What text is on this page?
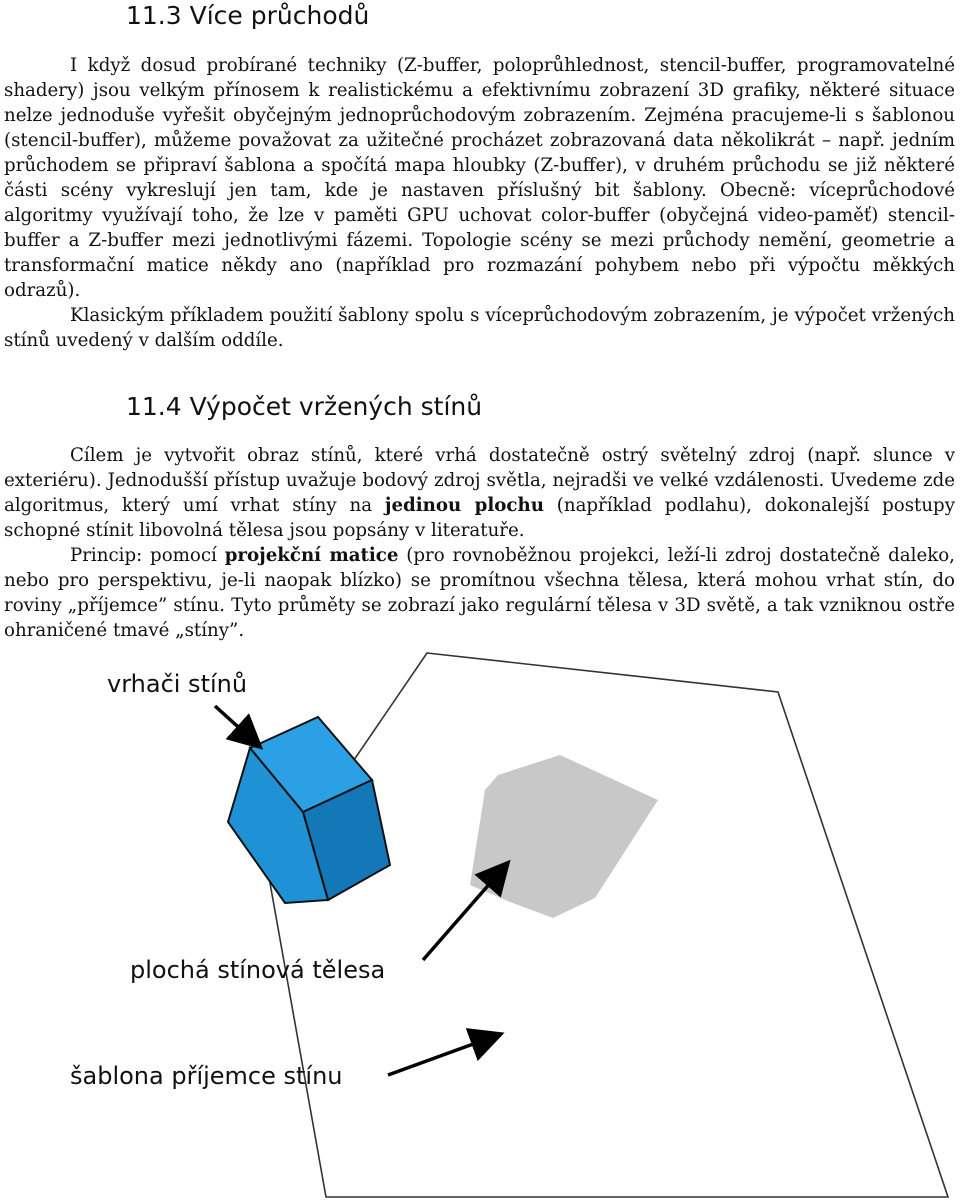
11.3 Více průchodů

I když dosud probírané techniky (Z-buffer, poloprůhlednost, stencil-buffer, programovatelné shadery) jsou velkým přínosem k realistickému a efektivnímu zobrazení 3D grafiky, některé situace nelze jednoduše vyřešit obyčejným jednoprůchodovým zobrazením. Zejména pracujeme-li s šablonou (stencil-buffer), můžeme považovat za užitečné procházet zobrazovaná data několikrát – např. jedním průchodem se připraví šablona a spočítá mapa hloubky (Z-buffer), v druhém průchodu se již některé části scény vykreslují jen tam, kde je nastaven příslušný bit šablony. Obecně: víceprůchodové algoritmy využívají toho, že lze v paměti GPU uchovat color-buffer (obyčejná video-paměť) stencil-buffer a Z-buffer mezi jednotlivými fázemi. Topologie scény se mezi průchody nemění, geometrie a transformační matice někdy ano (například pro rozmazání pohybem nebo při výpočtu měkkých odrazů).

Klasickým příkladem použití šablony spolu s víceprůchodovým zobrazením, je výpočet vržených stínů uvedený v dalším oddíle.

11.4 Výpočet vržených stínů

Cílem je vytvořit obraz stínů, které vrhá dostatečně ostrý světelný zdroj (např. slunce v exteriéru). Jednodušší přístup uvažuje bodový zdroj světla, nejradši ve velké vzdálenosti. Uvedeme zde algoritmus, který umí vrhat stíny na jedinou plochu (například podlahu), dokonalejší postupy schopné stínit libovolná tělesa jsou popsány v literatuře.

Princip: pomocí projekční matice (pro rovnoběžnou projekci, leží-li zdroj dostatečně daleko, nebo pro perspektivu, je-li naopak blízko) se promítnou všechna tělesa, která mohou vrhat stín, do roviny „příjemce” stínu. Tyto průměty se zobrazí jako regulární tělesa v 3D světě, a tak vzniknou ostře ohraničené tmavé „stíny”.

vrhači stínů
plochá stínová tělesa
šablona příjemce stínu
